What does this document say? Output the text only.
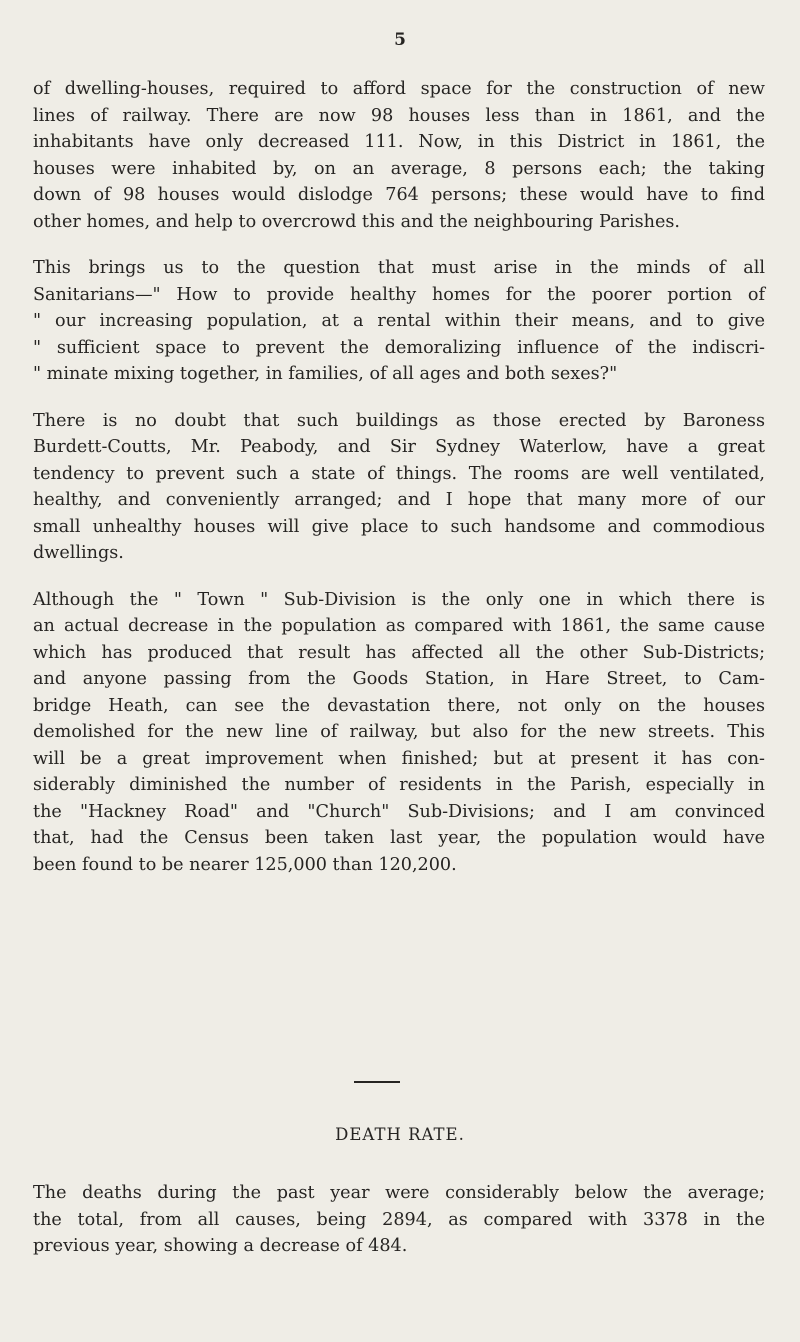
5

of dwelling-houses, required to afford space for the construction of new
lines of railway. There are now 98 houses less than in 1861, and the
inhabitants have only decreased 111. Now, in this District in 1861, the
houses were inhabited by, on an average, 8 persons each; the taking
down of 98 houses would dislodge 764 persons; these would have to find
other homes, and help to overcrowd this and the neighbouring Parishes.

This brings us to the question that must arise in the minds of all
Sanitarians—" How to provide healthy homes for the poorer portion of
" our increasing population, at a rental within their means, and to give
" sufficient space to prevent the demoralizing influence of the indiscri-
" minate mixing together, in families, of all ages and both sexes?"

There is no doubt that such buildings as those erected by Baroness
Burdett-Coutts, Mr. Peabody, and Sir Sydney Waterlow, have a great
tendency to prevent such a state of things. The rooms are well ventilated,
healthy, and conveniently arranged; and I hope that many more of our
small unhealthy houses will give place to such handsome and commodious
dwellings.

Although the " Town " Sub-Division is the only one in which there is
an actual decrease in the population as compared with 1861, the same cause
which has produced that result has affected all the other Sub-Districts;
and anyone passing from the Goods Station, in Hare Street, to Cam-
bridge Heath, can see the devastation there, not only on the houses
demolished for the new line of railway, but also for the new streets. This
will be a great improvement when finished; but at present it has con-
siderably diminished the number of residents in the Parish, especially in
the "Hackney Road" and "Church" Sub-Divisions; and I am convinced
that, had the Census been taken last year, the population would have
been found to be nearer 125,000 than 120,200.

DEATH RATE.

The deaths during the past year were considerably below the average;
the total, from all causes, being 2894, as compared with 3378 in the
previous year, showing a decrease of 484.
